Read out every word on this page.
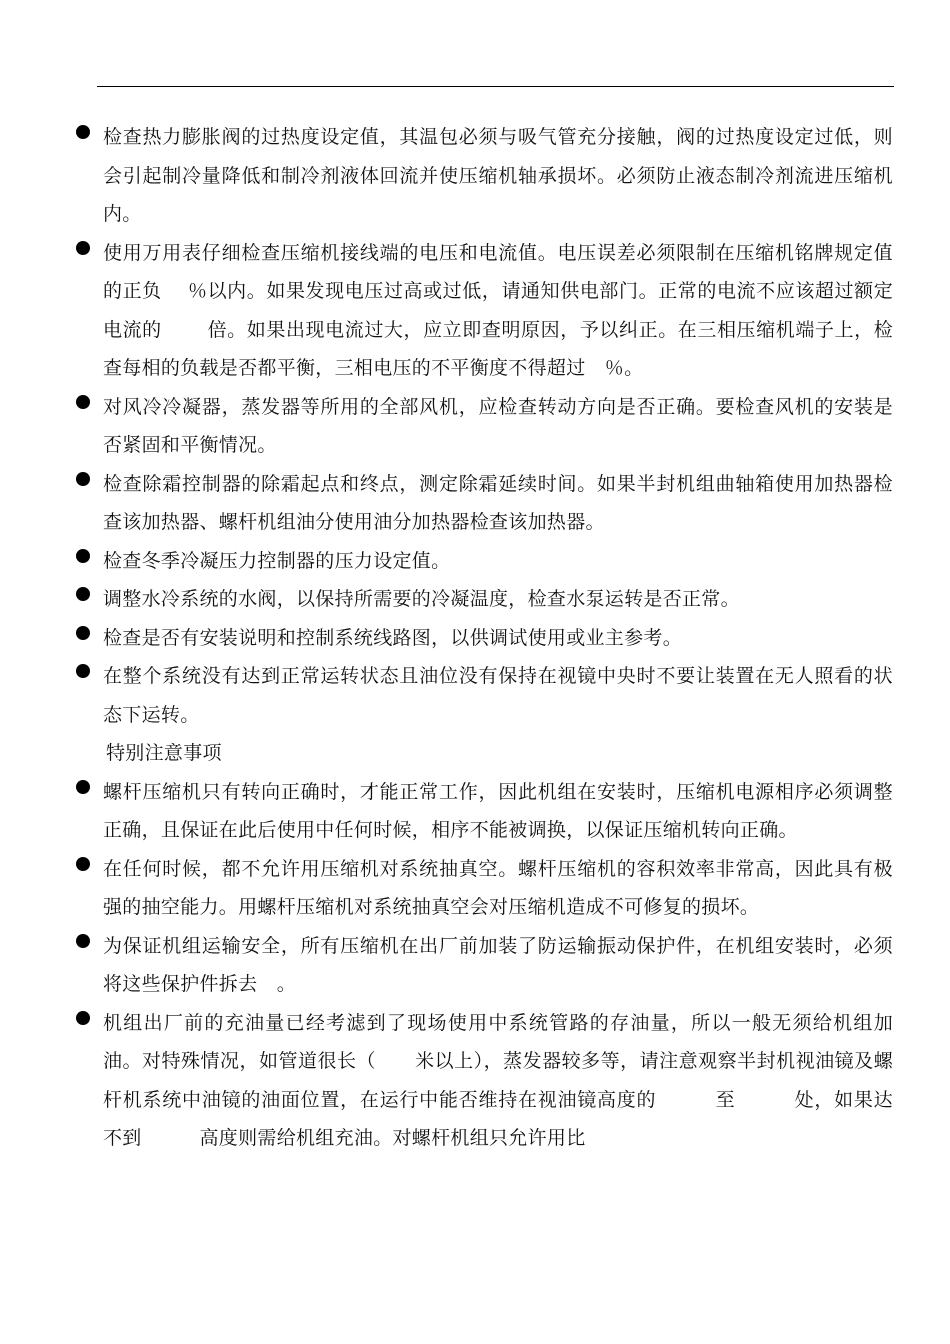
检查热力膨胀阀的过热度设定值，其温包必须与吸气管充分接触，阀的过热度设定过低，则会引起制冷量降低和制冷剂液体回流并使压缩机轴承损坏。必须防止液态制冷剂流进压缩机内。
使用万用表仔细检查压缩机接线端的电压和电流值。电压误差必须限制在压缩机铭牌规定值的正负　 ％以内。如果发现电压过高或过低，请通知供电部门。正常的电流不应该超过额定电流的　　 倍。如果出现电流过大，应立即查明原因，予以纠正。在三相压缩机端子上，检查每相的负载是否都平衡，三相电压的不平衡度不得超过　％。
对风冷冷凝器，蒸发器等所用的全部风机，应检查转动方向是否正确。要检查风机的安装是否紧固和平衡情况。
检查除霜控制器的除霜起点和终点，测定除霜延续时间。如果半封机组曲轴箱使用加热器检查该加热器、螺杆机组油分使用油分加热器检查该加热器。
检查冬季冷凝压力控制器的压力设定值。
调整水冷系统的水阀，以保持所需要的冷凝温度，检查水泵运转是否正常。
检查是否有安装说明和控制系统线路图，以供调试使用或业主参考。
在整个系统没有达到正常运转状态且油位没有保持在视镜中央时不要让装置在无人照看的状态下运转。
特别注意事项
螺杆压缩机只有转向正确时，才能正常工作，因此机组在安装时，压缩机电源相序必须调整正确，且保证在此后使用中任何时候，相序不能被调换，以保证压缩机转向正确。
在任何时候，都不允许用压缩机对系统抽真空。螺杆压缩机的容积效率非常高，因此具有极强的抽空能力。用螺杆压缩机对系统抽真空会对压缩机造成不可修复的损坏。
为保证机组运输安全，所有压缩机在出厂前加装了防运输振动保护件，在机组安装时，必须将这些保护件拆去　。
机组出厂前的充油量已经考滤到了现场使用中系统管路的存油量，所以一般无须给机组加油。对特殊情况，如管道很长（　　米以上），蒸发器较多等，请注意观察半封机视油镜及螺杆机系统中油镜的油面位置，在运行中能否维持在视油镜高度的　　　至　　　处，如果达不到　　　高度则需给机组充油。对螺杆机组只允许用比
